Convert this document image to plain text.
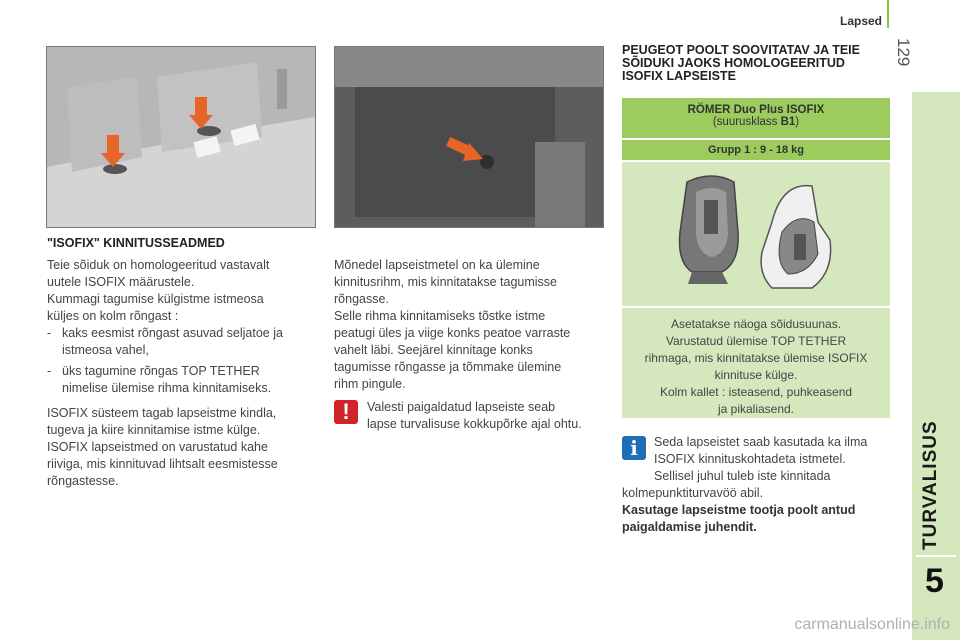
Lapsed
129
TURVALISUS
5
"ISOFIX" KINNITUSSEADMED

Teie sõiduk on homologeeritud vastavalt

uutele ISOFIX määrustele.

Kummagi tagumise külgistme istmeosa

küljes on kolm rõngast :

- kaks eesmist rõngast asuvad seljatoe ja

istmeosa vahel,

- üks tagumine rõngas TOP TETHER

nimelise ülemise rihma kinnitamiseks.

ISOFIX süsteem tagab lapseistme kindla,

tugeva ja kiire kinnitamise istme külge.

ISOFIX lapseistmed on varustatud kahe

riiviga, mis kinnituvad lihtsalt eesmistesse

rõngastesse.

Mõnedel lapseistmetel on ka ülemine

kinnitusrihm, mis kinnitatakse tagumisse

rõngasse.

Selle rihma kinnitamiseks tõstke istme

peatugi üles ja viige konks peatoe varraste

vahelt läbi. Seejärel kinnitage konks

tagumisse rõngasse ja tõmmake ülemine

rihm pingule.

!	Valesti paigaldatud lapseiste seab

lapse turvalisuse kokkupõrke ajal ohtu.

PEUGEOT POOLT SOOVITATAV JA TEIE
SÕIDUKI JAOKS HOMOLOGEERITUD
ISOFIX LAPSEISTE
RÖMER Duo Plus ISOFIX
(suurusklass B1)
Grupp 1 : 9 - 18 kg
Asetatakse näoga sõidusuunas.
Varustatud ülemise TOP TETHER
rihmaga, mis kinnitatakse ülemise ISOFIX
kinnituse külge.
Kolm kallet : isteasend, puhkeasend
ja pikaliasend.
i	Seda lapseistet saab kasutada ka ilma

ISOFIX kinnituskohtadeta istmetel.

Sellisel juhul tuleb iste kinnitada

kolmepunktiturvavöö abil.

Kasutage lapseistme tootja poolt antud

paigaldamise juhendit.

carmanualsonline.info
